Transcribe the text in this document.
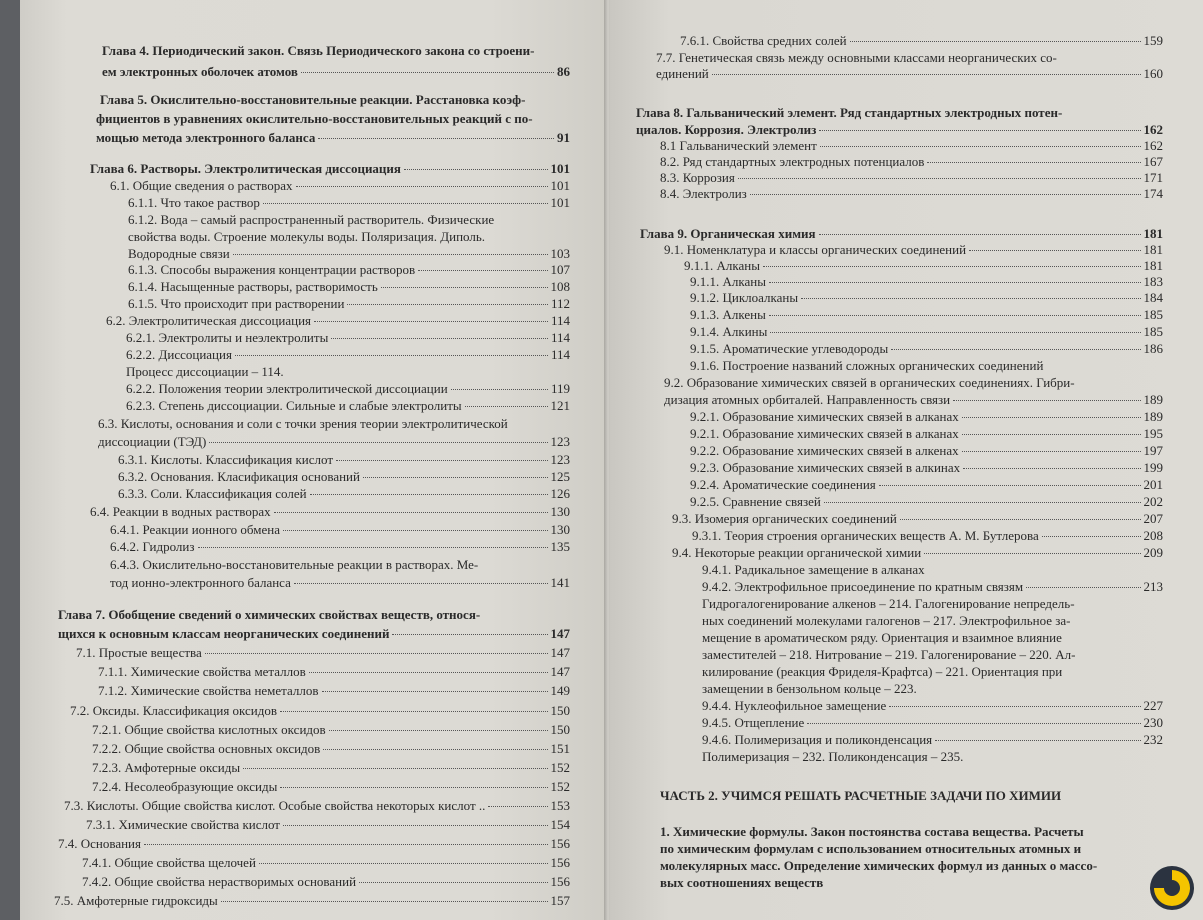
Глава 4. Периодический закон. Связь Периодического закона со строени-
ем электронных оболочек атомов	86
Глава 5. Окислительно-восстановительные реакции. Расстановка коэф-
фициентов в уравнениях окислительно-восстановительных реакций с по-
мощью метода электронного баланса	91
Глава 6. Растворы. Электролитическая диссоциация	101
6.1. Общие сведения о растворах	101
6.1.1. Что такое раствор	101
6.1.2. Вода – самый распространенный растворитель. Физические
свойства воды. Строение молекулы воды. Поляризация. Диполь.
Водородные связи	103
6.1.3. Способы выражения концентрации растворов	107
6.1.4. Насыщенные растворы, растворимость	108
6.1.5. Что происходит при растворении	112
6.2. Электролитическая диссоциация	114
6.2.1. Электролиты и неэлектролиты	114
6.2.2. Диссоциация	114
Процесс диссоциации – 114.
6.2.2. Положения теории электролитической диссоциации	119
6.2.3. Степень диссоциации. Сильные и слабые электролиты	121
6.3. Кислоты, основания и соли с точки зрения теории электролитической
диссоциации (ТЭД)	123
6.3.1. Кислоты. Классификация кислот	123
6.3.2. Основания. Класификация оснований	125
6.3.3. Соли. Классификация солей	126
6.4. Реакции в водных растворах	130
6.4.1. Реакции ионного обмена	130
6.4.2. Гидролиз	135
6.4.3. Окислительно-восстановительные реакции в растворах. Ме-
тод ионно-электронного баланса	141
Глава 7. Обобщение сведений о химических свойствах веществ, относя-
щихся к основным классам неорганических соединений	147
7.1. Простые вещества	147
7.1.1. Химические свойства металлов	147
7.1.2. Химические свойства неметаллов	149
7.2. Оксиды. Классификация оксидов	150
7.2.1. Общие свойства кислотных оксидов	150
7.2.2. Общие свойства основных оксидов	151
7.2.3. Амфотерные оксиды	152
7.2.4. Несолеобразующие оксиды	152
7.3. Кислоты. Общие свойства кислот. Особые свойства некоторых кислот ..	153
7.3.1. Химические свойства кислот	154
7.4. Основания	156
7.4.1. Общие свойства щелочей	156
7.4.2. Общие свойства нерастворимых оснований	156
7.5. Амфотерные гидроксиды	157
7.6.1. Свойства средних солей	159
7.7. Генетическая связь между основными классами неорганических со-
единений	160
Глава 8. Гальванический элемент. Ряд стандартных электродных потен-
циалов. Коррозия. Электролиз	162
8.1 Гальванический элемент	162
8.2. Ряд стандартных электродных потенциалов	167
8.3. Коррозия	171
8.4. Электролиз	174
Глава 9. Органическая химия	181
9.1. Номенклатура и классы органических соединений	181
9.1.1. Алканы	181
9.1.1. Алканы	183
9.1.2. Циклоалканы	184
9.1.3. Алкены	185
9.1.4. Алкины	185
9.1.5. Ароматические углеводороды	186
9.1.6. Построение названий сложных органических соединений
9.2. Образование химических связей в органических соединениях. Гибри-
дизация атомных орбиталей. Направленность связи	189
9.2.1. Образование химических связей в алканах	189
9.2.1. Образование химических связей в алканах	195
9.2.2. Образование химических связей в алкенах	197
9.2.3. Образование химических связей в алкинах	199
9.2.4. Ароматические соединения	201
9.2.5. Сравнение связей	202
9.3. Изомерия органических соединений	207
9.3.1. Теория строения органических веществ А. М. Бутлерова	208
9.4. Некоторые реакции органической химии	209
9.4.1. Радикальное замещение в алканах
9.4.2. Электрофильное присоединение по кратным связям	213
Гидрогалогенирование алкенов – 214. Галогенирование непредель-
ных соединений молекулами галогенов – 217. Электрофильное за-
мещение в ароматическом ряду. Ориентация и взаимное влияние
заместителей – 218. Нитрование – 219. Галогенирование – 220. Ал-
килирование (реакция Фриделя-Крафтса) – 221. Ориентация при
замещении в бензольном кольце – 223.
9.4.4. Нуклеофильное замещение	227
9.4.5. Отщепление	230
9.4.6. Полимеризация и поликонденсация	232
Полимеризация – 232. Поликонденсация – 235.
ЧАСТЬ 2. УЧИМСЯ РЕШАТЬ РАСЧЕТНЫЕ ЗАДАЧИ ПО ХИМИИ
1. Химические формулы. Закон постоянства состава вещества. Расчеты
по химическим формулам с использованием относительных атомных и
молекулярных масс. Определение химических формул из данных о массо-
вых соотношениях веществ
